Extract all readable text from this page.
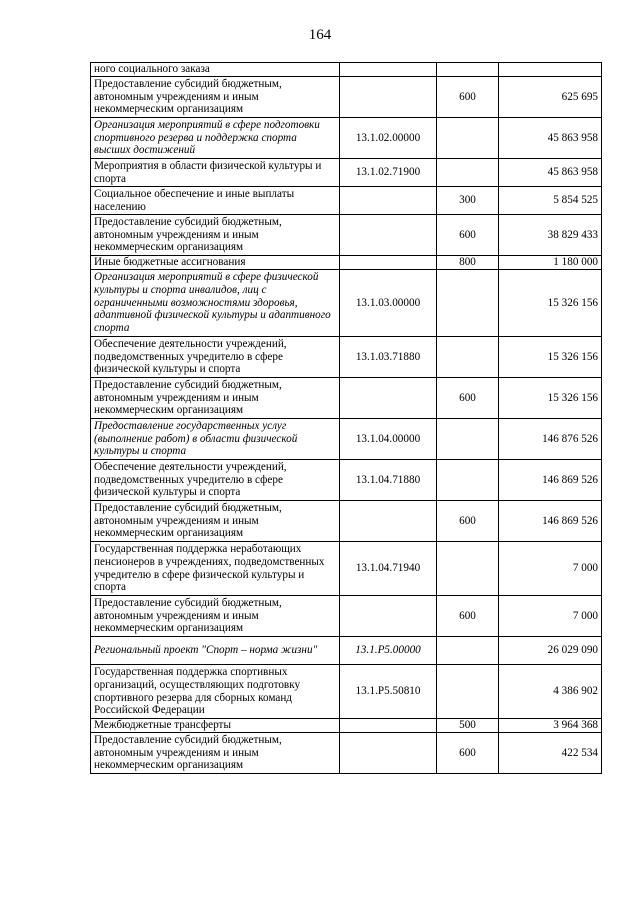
164
ного социального заказа			
Предоставление субсидий бюджетным, автономным учреждениям и иным некоммерческим организациям		600	625 695
Организация мероприятий в сфере подготовки спортивного резерва и поддержка спорта высших достижений	13.1.02.00000		45 863 958
Мероприятия в области физической культуры и спорта	13.1.02.71900		45 863 958
Социальное обеспечение и иные выплаты населению		300	5 854 525
Предоставление субсидий бюджетным, автономным учреждениям и иным некоммерческим организациям		600	38 829 433
Иные бюджетные ассигнования		800	1 180 000
Организация мероприятий в сфере физической культуры и спорта инвалидов, лиц с ограниченными возможностями здоровья, адаптивной физической культуры и адаптивного спорта	13.1.03.00000		15 326 156
Обеспечение деятельности учреждений, подведомственных учредителю в сфере физической культуры и спорта	13.1.03.71880		15 326 156
Предоставление субсидий бюджетным, автономным учреждениям и иным некоммерческим организациям		600	15 326 156
Предоставление государственных услуг (выполнение работ) в области физической культуры и спорта	13.1.04.00000		146 876 526
Обеспечение деятельности учреждений, подведомственных учредителю в сфере физической культуры и спорта	13.1.04.71880		146 869 526
Предоставление субсидий бюджетным, автономным учреждениям и иным некоммерческим организациям		600	146 869 526
Государственная поддержка неработающих пенсионеров в учреждениях, подведомственных учредителю в сфере физической культуры и спорта	13.1.04.71940		7 000
Предоставление субсидий бюджетным, автономным учреждениям и иным некоммерческим организациям		600	7 000
Региональный проект "Спорт – норма жизни"	13.1.P5.00000		26 029 090
Государственная поддержка спортивных организаций, осуществляющих подготовку спортивного резерва для сборных команд Российской Федерации	13.1.P5.50810		4 386 902
Межбюджетные трансферты		500	3 964 368
Предоставление субсидий бюджетным, автономным учреждениям и иным некоммерческим организациям		600	422 534
